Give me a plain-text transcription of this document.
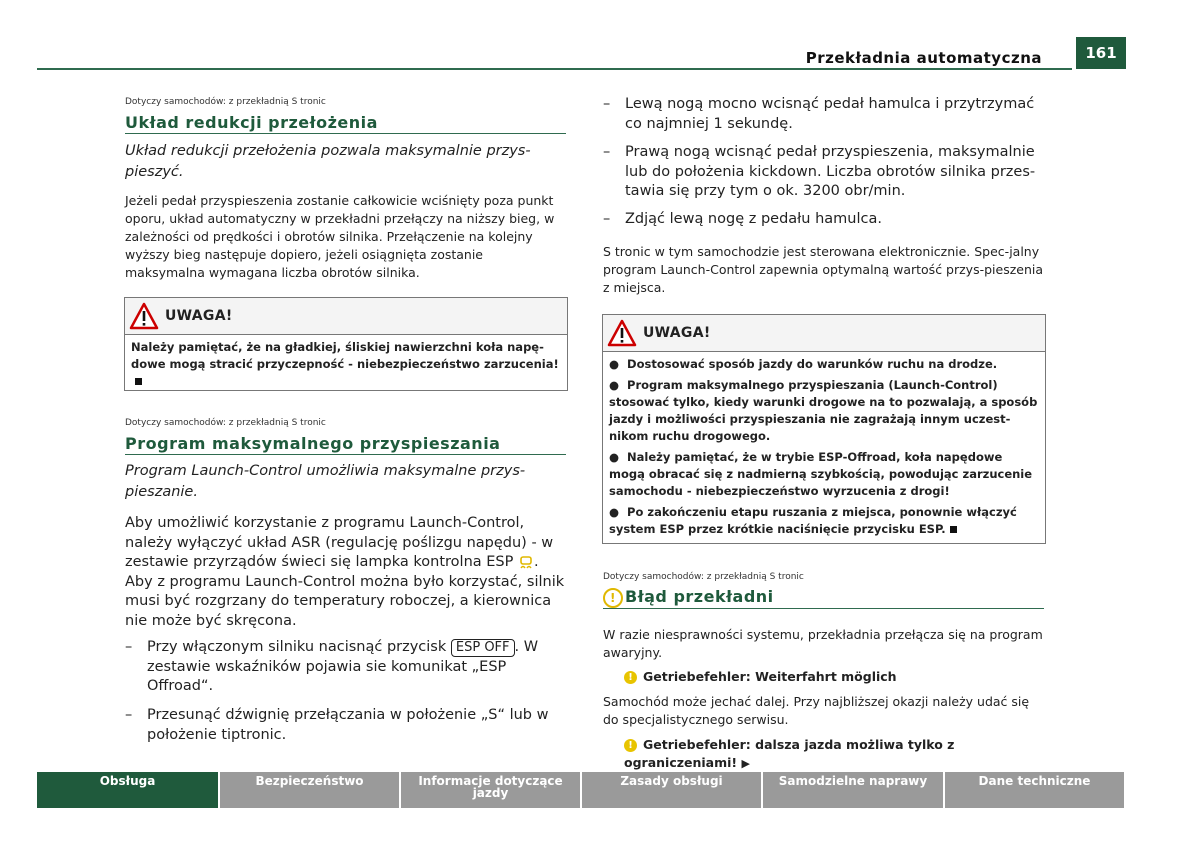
Przekładnia automatyczna	161
Dotyczy samochodów: z przekładnią S tronic
Układ redukcji przełożenia
Układ redukcji przełożenia pozwala maksymalnie przys-pieszyć.
Jeżeli pedał przyspieszenia zostanie całkowicie wciśnięty poza punkt oporu, układ automatyczny w przekładni przełączy na niższy bieg, w zależności od prędkości i obrotów silnika. Przełączenie na kolejny wyższy bieg następuje dopiero, jeżeli osiągnięta zostanie maksymalna wymagana liczba obrotów silnika.
UWAGA!
Należy pamiętać, że na gładkiej, śliskiej nawierzchni koła napę-dowe mogą stracić przyczepność - niebezpieczeństwo zarzucenia!
Dotyczy samochodów: z przekładnią S tronic
Program maksymalnego przyspieszania
Program Launch-Control umożliwia maksymalne przys-pieszanie.
Aby umożliwić korzystanie z programu Launch-Control, należy wyłączyć układ ASR (regulację poślizgu napędu) - w zestawie przyrządów świeci się lampka kontrolna ESP . Aby z programu Launch-Control można było korzystać, silnik musi być rozgrzany do temperatury roboczej, a kierownica nie może być skręcona.
– Przy włączonym silniku nacisnąć przycisk ESP OFF . W zestawie wskaźników pojawia sie komunikat „ESP Offroad“.
– Przesunąć dźwignię przełączania w położenie „S“ lub w położenie tiptronic.
– Lewą nogą mocno wcisnąć pedał hamulca i przytrzymać co najmniej 1 sekundę.
– Prawą nogą wcisnąć pedał przyspieszenia, maksymalnie lub do położenia kickdown. Liczba obrotów silnika przes-tawia się przy tym o ok. 3200 obr/min.
– Zdjąć lewą nogę z pedału hamulca.
S tronic w tym samochodzie jest sterowana elektronicznie. Spec-jalny program Launch-Control zapewnia optymalną wartość przys-pieszenia z miejsca.
UWAGA!

●  Dostosować sposób jazdy do warunków ruchu na drodze.

●  Program maksymalnego przyspieszania (Launch-Control) stosować tylko, kiedy warunki drogowe na to pozwalają, a sposób jazdy i możliwości przyspieszania nie zagrażają innym uczest-nikom ruchu drogowego.

●  Należy pamiętać, że w trybie ESP-Offroad, koła napędowe mogą obracać się z nadmierną szybkością, powodując zarzucenie samochodu - niebezpieczeństwo wyrzucenia z drogi!

●  Po zakończeniu etapu ruszania z miejsca, ponownie włączyć system ESP przez krótkie naciśnięcie przycisku ESP.

Dotyczy samochodów: z przekładnią S tronic
! Błąd przekładni
W razie niesprawności systemu, przekładnia przełącza się na program awaryjny.
! Getriebefehler: Weiterfahrt möglich
Samochód może jechać dalej. Przy najbliższej okazji należy udać się do specjalistycznego serwisu.
! Getriebefehler: dalsza jazda możliwa tylko z ograniczeniami! ▶
Obsługa	Bezpieczeństwo	Informacje dotyczące jazdy
Zasady obsługi	Samodzielne naprawy	Dane techniczne
